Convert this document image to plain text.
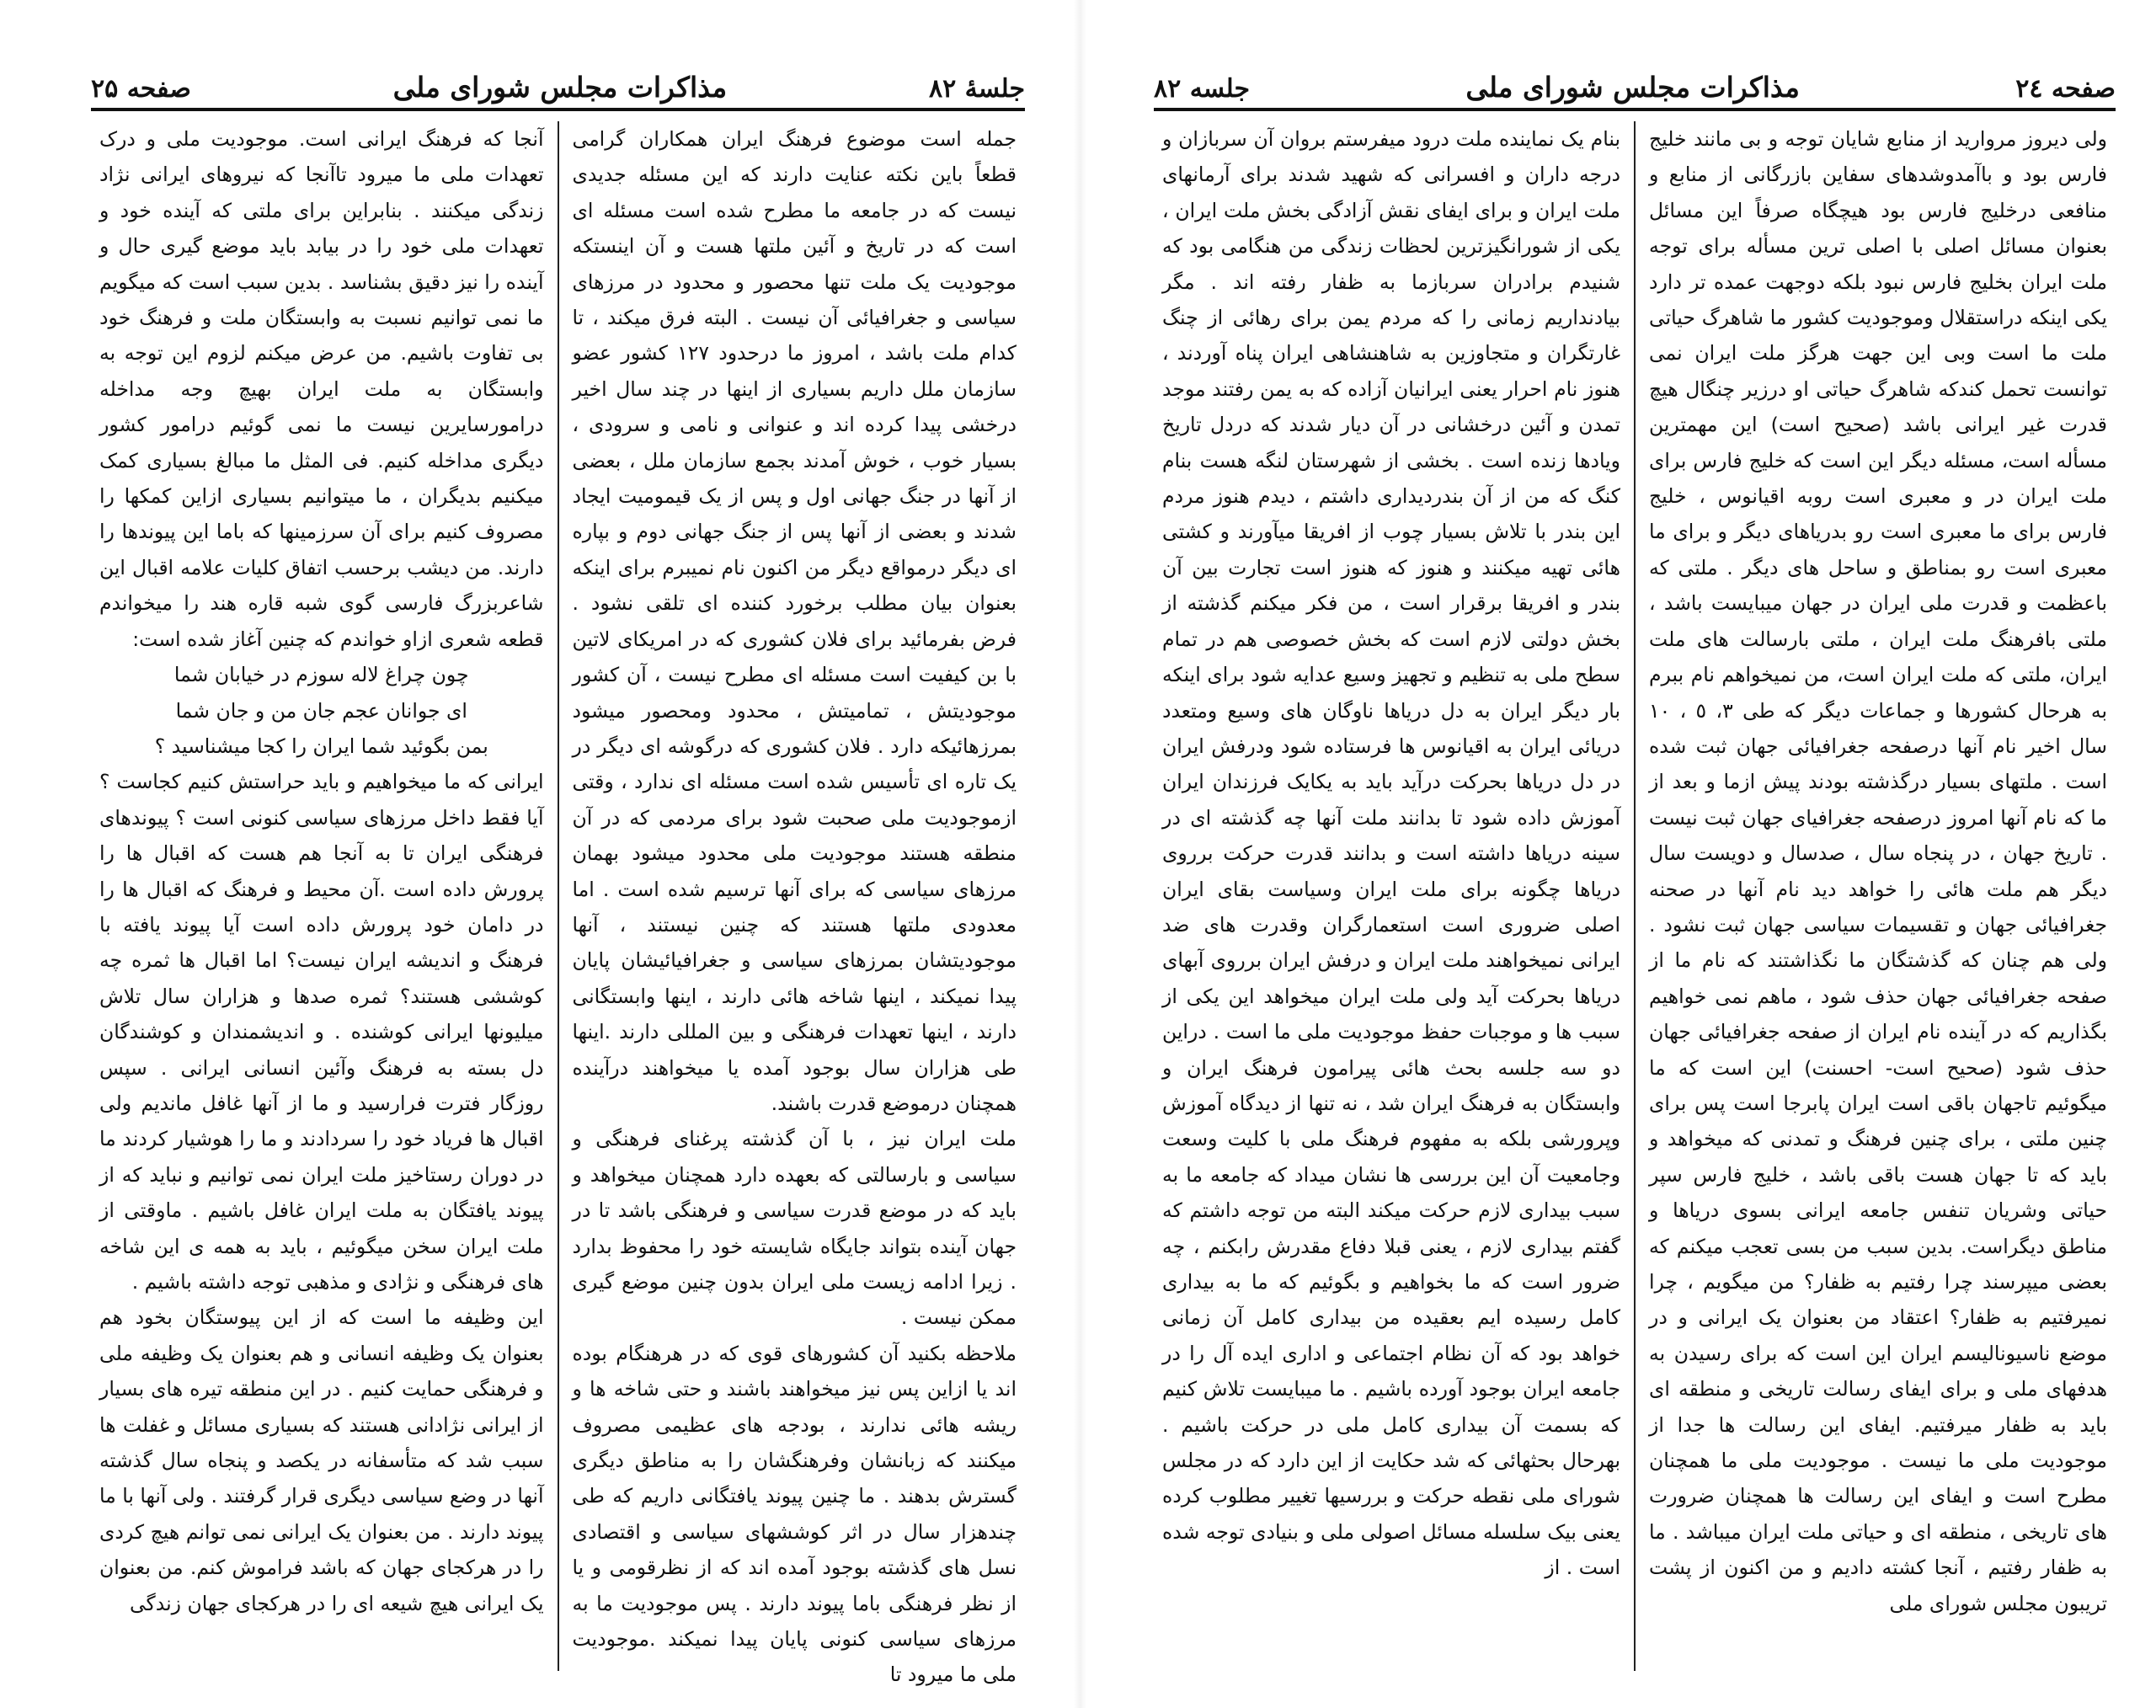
جلسهٔ ۸۲
مذاکرات مجلس شورای ملی
صفحه ۲۵

جمله است موضوع فرهنگ ایران همکاران گرامی قطعاً باین نکته عنایت دارند که این مسئله جدیدی نیست که در جامعه ما مطرح شده است مسئله ای است که در تاریخ و آئین ملتها هست و آن اینستکه موجودیت یک ملت تنها محصور و محدود در مرزهای سیاسی و جغرافیائی آن نیست . البته فرق میکند ، تا کدام ملت باشد ، امروز ما درحدود ۱۲۷ کشور عضو سازمان ملل داریم بسیاری از اینها در چند سال اخیر درخشی پیدا کرده اند و عنوانی و نامی و سرودی ، بسیار خوب ، خوش آمدند بجمع سازمان ملل ، بعضی از آنها در جنگ جهانی اول و پس از یک قیمومیت ایجاد شدند و بعضی از آنها پس از جنگ جهانی دوم و بپاره ای دیگر درمواقع دیگر من اکنون نام نمیبرم برای اینکه بعنوان بیان مطلب برخورد کننده ای تلقی نشود . فرض بفرمائید برای فلان کشوری که در امریکای لاتین با بن کیفیت است مسئله ای مطرح نیست ، آن کشور موجودیتش ، تمامیتش ، محدود ومحصور میشود بمرزهائیکه دارد . فلان کشوری که درگوشه ای دیگر در یک تاره ای تأسیس شده است مسئله ای ندارد ، وقتی ازموجودیت ملی صحبت شود برای مردمی که در آن منطقه هستند موجودیت ملی محدود میشود بهمان مرزهای سیاسی که برای آنها ترسیم شده است . اما معدودی ملتها هستند که چنین نیستند ، آنها موجودیتشان بمرزهای سیاسی و جغرافیائیشان پایان پیدا نمیکند ، اینها شاخه هائی دارند ، اینها وابستگانی دارند ، اینها تعهدات فرهنگی و بین المللی دارند .اینها طی هزاران سال بوجود آمده یا میخواهند درآینده همچنان درموضع قدرت باشند.

ملت ایران نیز ، با آن گذشته پرغنای فرهنگی و سیاسی و بارسالتی که بعهده دارد همچنان میخواهد و باید که در موضع قدرت سیاسی و فرهنگی باشد تا در جهان آینده بتواند جایگاه شایسته خود را محفوظ بدارد . زیرا ادامه زیست ملی ایران بدون چنین موضع گیری ممکن نیست .

ملاحظه بکنید آن کشورهای قوی که در هرهنگام بوده اند یا ازاین پس نیز میخواهند باشند و حتی شاخه ها و ریشه هائی ندارند ، بودجه های عظیمی مصروف میکنند که زبانشان وفرهنگشان را به مناطق دیگری گسترش بدهند . ما چنین پیوند یافتگانی داریم که طی چندهزار سال در اثر کوششهای سیاسی و اقتصادی نسل های گذشته بوجود آمده اند که از نظرقومی و یا از نظر فرهنگی باما پیوند دارند . پس موجودیت ما به مرزهای سیاسی کنونی پایان پیدا نمیکند .موجودیت ملی ما میرود تا

آنجا که فرهنگ ایرانی است. موجودیت ملی و درک تعهدات ملی ما میرود تاآنجا که نیروهای ایرانی نژاد زندگی میکنند . بنابراین برای ملتی که آینده خود و تعهدات ملی خود را در بیابد باید موضع گیری حال و آینده را نیز دقیق بشناسد . بدین سبب است که میگویم ما نمی توانیم نسبت به وابستگان ملت و فرهنگ خود بی تفاوت باشیم. من عرض میکنم لزوم این توجه به وابستگان به ملت ایران بهیچ وجه مداخله درامورسایرین نیست ما نمی گوئیم درامور کشور دیگری مداخله کنیم. فی المثل ما مبالغ بسیاری کمک میکنیم بدیگران ، ما میتوانیم بسیاری ازاین کمکها را مصروف کنیم برای آن سرزمینها که باما این پیوندها را دارند. من دیشب برحسب اتفاق کلیات علامه اقبال این شاعربزرگ فارسی گوی شبه قاره هند را میخواندم قطعه شعری ازاو خواندم که چنین آغاز شده است:

چون چراغ لاله سوزم در خیابان شما

ای جوانان عجم جان من و جان شما

بمن بگوئید شما ایران را کجا میشناسید ؟

ایرانی که ما میخواهیم و باید حراستش کنیم کجاست ؟ آیا فقط داخل مرزهای سیاسی کنونی است ؟ پیوندهای فرهنگی ایران تا به آنجا هم هست که اقبال ها را پرورش داده است .آن محیط و فرهنگ که اقبال ها را در دامان خود پرورش داده است آیا پیوند یافته با فرهنگ و اندیشه ایران نیست؟ اما اقبال ها ثمره چه کوششی هستند؟ ثمره صدها و هزاران سال تلاش میلیونها ایرانی کوشنده . و اندیشمندان و کوشندگان دل بسته به فرهنگ وآئین انسانی ایرانی . سپس روزگار فترت فرارسید و ما از آنها غافل ماندیم ولی اقبال ها فریاد خود را سردادند و ما را هوشیار کردند ما در دوران رستاخیز ملت ایران نمی توانیم و نباید که از پیوند یافتگان به ملت ایران غافل باشیم . ماوقتی از ملت ایران سخن میگوئیم ، باید به همه ی این شاخه های فرهنگی و نژادی و مذهبی توجه داشته باشیم .

این وظیفه ما است که از این پیوستگان بخود هم بعنوان یک وظیفه انسانی و هم بعنوان یک وظیفه ملی و فرهنگی حمایت کنیم . در این منطقه تیره های بسیار از ایرانی نژادانی هستند که بسیاری مسائل و غفلت ها سبب شد که متأسفانه در یکصد و پنجاه سال گذشته آنها در وضع سیاسی دیگری قرار گرفتند . ولی آنها با ما پیوند دارند . من بعنوان یک ایرانی نمی توانم هیچ کردی را در هرکجای جهان که باشد فراموش کنم. من بعنوان یک ایرانی هیچ شیعه ای را در هرکجای جهان زندگی

صفحه ۲٤
مذاکرات مجلس شورای ملی
جلسه ۸۲

ولی دیروز مروارید از منابع شایان توجه و بی مانند خلیج فارس بود و باآمدوشدهای سفاین بازرگانی از منابع و منافعی درخلیج فارس بود هیچگاه صرفاً این مسائل بعنوان مسائل اصلی با اصلی ترین مسأله برای توجه ملت ایران بخلیج فارس نبود بلکه دوجهت عمده تر دارد یکی اینکه دراستقلال وموجودیت کشور ما شاهرگ حیاتی ملت ما است وبی این جهت هرگز ملت ایران نمی توانست تحمل کندکه شاهرگ حیاتی او درزیر چنگال هیچ قدرت غیر ایرانی باشد (صحیح است) این مهمترین مسأله است، مسئله دیگر این است که خلیج فارس برای ملت ایران در و معبری است روبه اقیانوس ، خلیج فارس برای ما معبری است رو بدریاهای دیگر و برای ما معبری است رو بمناطق و ساحل های دیگر . ملتی که باعظمت و قدرت ملی ایران در جهان میبایست باشد ، ملتی بافرهنگ ملت ایران ، ملتی بارسالت های ملت ایران، ملتی که ملت ایران است، من نمیخواهم نام ببرم به هرحال کشورها و جماعات دیگر که طی ۳، ٥ ، ۱۰ سال اخیر نام آنها درصفحه جغرافیائی جهان ثبت شده است . ملتهای بسیار درگذشته بودند پیش ازما و بعد از ما که نام آنها امروز درصفحه جغرافیای جهان ثبت نیست . تاریخ جهان ، در پنجاه سال ، صدسال و دویست سال دیگر هم ملت هائی را خواهد دید نام آنها در صحنه جغرافیائی جهان و تقسیمات سیاسی جهان ثبت نشود . ولی هم چنان که گذشتگان ما نگذاشتند که نام ما از صفحه جغرافیائی جهان حذف شود ، ماهم نمی خواهیم بگذاریم که در آینده نام ایران از صفحه جغرافیائی جهان حذف شود (صحیح است- احسنت) این است که ما میگوئیم تاجهان باقی است ایران پابرجا است پس برای چنین ملتی ، برای چنین فرهنگ و تمدنی که میخواهد و باید که تا جهان هست باقی باشد ، خلیج فارس سپر حیاتی وشریان تنفس جامعه ایرانی بسوی دریاها و مناطق دیگراست. بدین سبب من بسی تعجب میکنم که بعضی میپرسند چرا رفتیم به ظفار؟ من میگویم ، چرا نمیرفتیم به ظفار؟ اعتقاد من بعنوان یک ایرانی و در موضع ناسیونالیسم ایران این است که برای رسیدن به هدفهای ملی و برای ایفای رسالت تاریخی و منطقه ای باید به ظفار میرفتیم. ایفای این رسالت ها جدا از موجودیت ملی ما نیست . موجودیت ملی ما همچنان مطرح است و ایفای این رسالت ها همچنان ضرورت های تاریخی ، منطقه ای و حیاتی ملت ایران میباشد . ما به ظفار رفتیم ، آنجا کشته دادیم و من اکنون از پشت تریبون مجلس شورای ملی

بنام یک نماینده ملت درود میفرستم بروان آن سربازان و درجه داران و افسرانی که شهید شدند برای آرمانهای ملت ایران و برای ایفای نقش آزادگی بخش ملت ایران ، یکی از شورانگیزترین لحظات زندگی من هنگامی بود که شنیدم برادران سربازما به ظفار رفته اند . مگر بیادنداریم زمانی را که مردم یمن برای رهائی از چنگ غارتگران و متجاوزین به شاهنشاهی ایران پناه آوردند ، هنوز نام احرار یعنی ایرانیان آزاده که به یمن رفتند موجد تمدن و آئین درخشانی در آن دیار شدند که دردل تاریخ ویادها زنده است . بخشی از شهرستان لنگه هست بنام کنگ که من از آن بندردیداری داشتم ، دیدم هنوز مردم این بندر با تلاش بسیار چوب از افریقا میآورند و کشتی هائی تهیه میکنند و هنوز که هنوز است تجارت بین آن بندر و افریقا برقرار است ، من فکر میکنم گذشته از بخش دولتی لازم است که بخش خصوصی هم در تمام سطح ملی به تنظیم و تجهیز وسیع عدایه شود برای اینکه بار دیگر ایران به دل دریاها ناوگان های وسیع ومتعدد دریائی ایران به اقیانوس ها فرستاده شود ودرفش ایران در دل دریاها بحرکت درآید باید به یکایک فرزندان ایران آموزش داده شود تا بدانند ملت آنها چه گذشته ای در سینه دریاها داشته است و بدانند قدرت حرکت برروی دریاها چگونه برای ملت ایران وسیاست بقای ایران اصلی ضروری است استعمارگران وقدرت های ضد ایرانی نمیخواهند ملت ایران و درفش ایران برروی آبهای دریاها بحرکت آید ولی ملت ایران میخواهد این یکی از سبب ها و موجبات حفظ موجودیت ملی ما است . دراین دو سه جلسه بحث هائی پیرامون فرهنگ ایران و وابستگان به فرهنگ ایران شد ، نه تنها از دیدگاه آموزش وپرورشی بلکه به مفهوم فرهنگ ملی با کلیت وسعت وجامعیت آن این بررسی ها نشان میداد که جامعه ما به سبب بیداری لازم حرکت میکند البته من توجه داشتم که گفتم بیداری لازم ، یعنی قبلا دفاع مقدرش رابکنم ، چه ضرور است که ما بخواهیم و بگوئیم که ما به بیداری کامل رسیده ایم بعقیده من بیداری کامل آن زمانی خواهد بود که آن نظام اجتماعی و اداری ایده آل را در جامعه ایران بوجود آورده باشیم . ما میبایست تلاش کنیم که بسمت آن بیداری کامل ملی در حرکت باشیم . بهرحال بحثهائی که شد حکایت از این دارد که در مجلس شورای ملی نقطه حرکت و بررسیها تغییر مطلوب کرده یعنی بیک سلسله مسائل اصولی ملی و بنیادی توجه شده است . از
